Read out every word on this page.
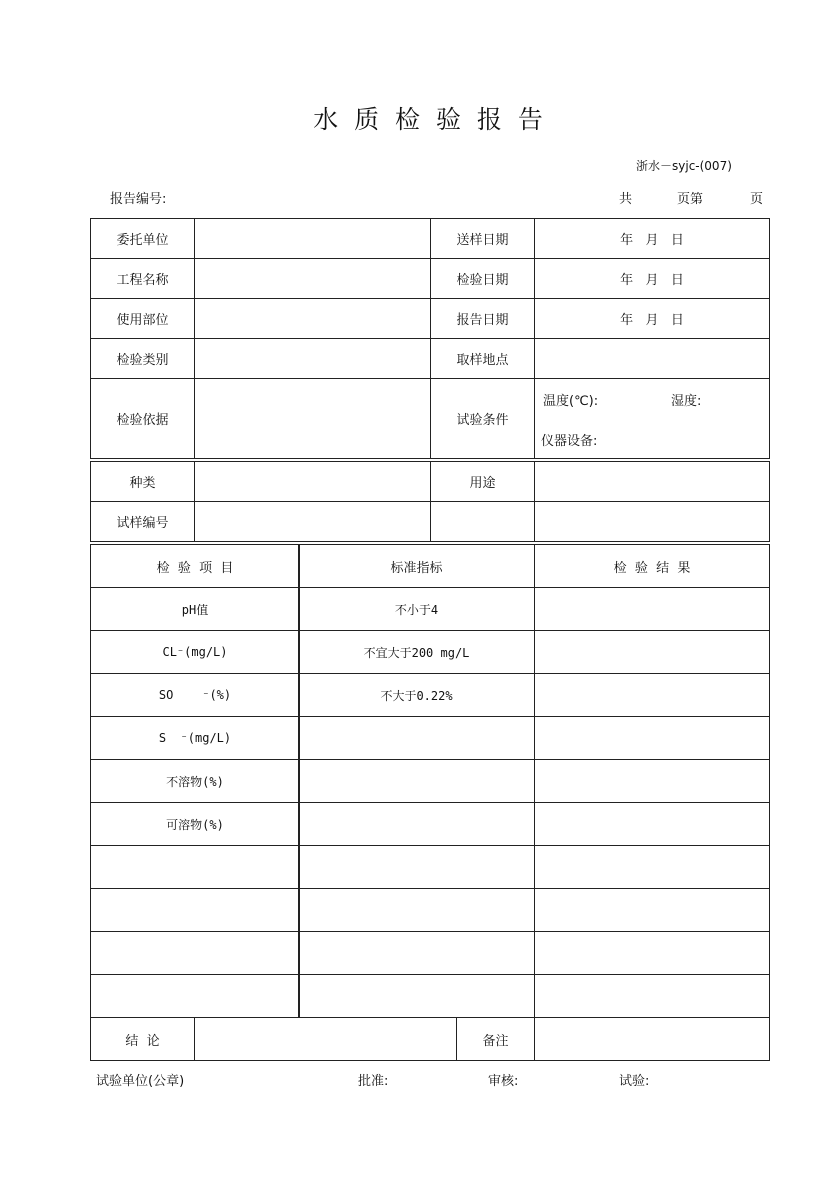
水 质 检 验 报 告
浙水－syjc-(007)
报告编号:	共	页第	页
委托单位	送样日期	年   月   日
工程名称	检验日期	年   月   日
使用部位	报告日期	年   月   日
检验类别	取样地点
检验依据	试验条件
温度(℃):	湿度:
仪器设备:
种类	用途
试样编号
检  验  项  目	标准指标	检  验  结  果
pH值	不小于4
CL⁻(mg/L)	不宜大于200 mg/L
SO    ⁻(%)	不大于0.22%
S  ⁻(mg/L)
不溶物(%)
可溶物(%)
结  论	备注
试验单位(公章)	批准:	审核:	试验:
